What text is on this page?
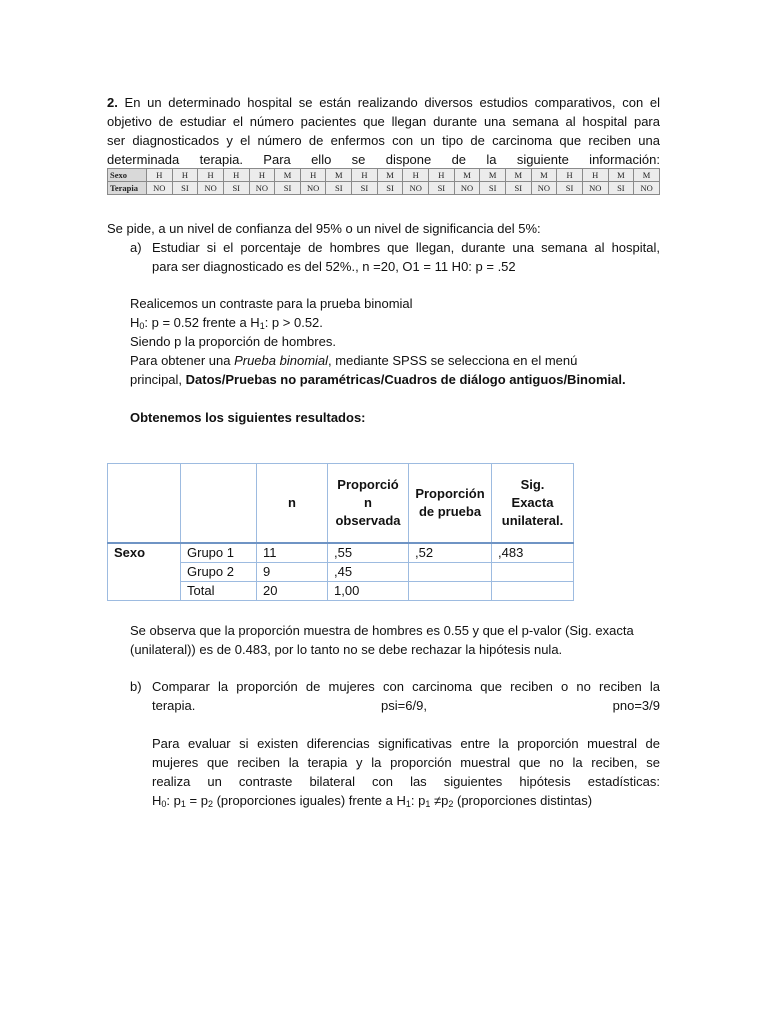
2. En un determinado hospital se están realizando diversos estudios comparativos, con el
objetivo de estudiar el número pacientes que llegan durante una semana al hospital para
ser diagnosticados y el número de enfermos con un tipo de carcinoma que reciben una
determinada terapia. Para ello se dispone de la siguiente información:
Sexo	H	H	H	H	H	M	H	M	H	M	H	H	M	M	M	M	H	H	M	M
Terapia	NO	SI	NO	SI	NO	SI	NO	SI	SI	SI	NO	SI	NO	SI	SI	NO	SI	NO	SI	NO
Se pide, a un nivel de confianza del 95% o un nivel de significancia del 5%:
a) Estudiar si el porcentaje de hombres que llegan, durante una semana al hospital,
para ser diagnosticado es del 52%., n =20, O1 = 11 H0: p = .52
Realicemos un contraste para la prueba binomial
$H_0$: p = 0.52 frente a $H_1$: p > 0.52.
Siendo p la proporción de hombres.
Para obtener una Prueba binomial, mediante SPSS se selecciona en el menú
principal, Datos/Pruebas no paramétricas/Cuadros de diálogo antiguos/Binomial.
Obtenemos los siguientes resultados:
		n	Proporció n observada	Proporción de prueba	Sig. Exacta unilateral.
Sexo	Grupo 1	11	,55	,52	,483
	Grupo 2	9	,45		
	Total	20	1,00		
Se observa que la proporción muestra de hombres es 0.55 y que el p-valor (Sig. exacta
(unilateral)) es de 0.483, por lo tanto no se debe rechazar la hipótesis nula.
b) Comparar la proporción de mujeres con carcinoma que reciben o no reciben la
terapia.	psi=6/9,	pno=3/9
Para evaluar si existen diferencias significativas entre la proporción muestral de
mujeres que reciben la terapia y la proporción muestral que no la reciben, se
realiza un contraste bilateral con las siguientes hipótesis estadísticas:
$H_0$: $p_1 = p_2$ (proporciones iguales) frente a $H_1$: $p_1 \ne p_2$ (proporciones distintas)
